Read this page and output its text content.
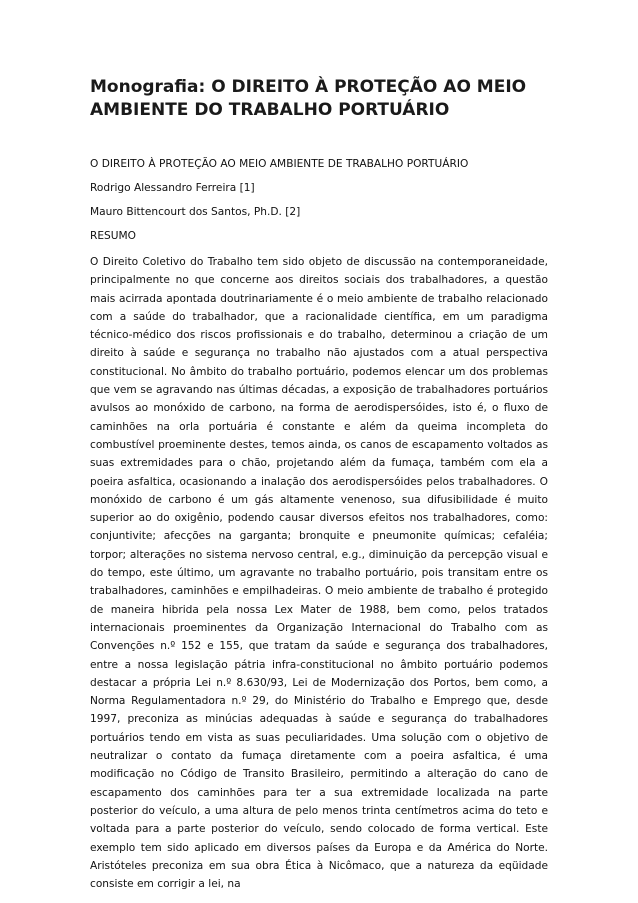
Monografia: O DIREITO À PROTEÇÃO AO MEIO AMBIENTE DO TRABALHO PORTUÁRIO

O DIREITO À PROTEÇÃO AO MEIO AMBIENTE DE TRABALHO PORTUÁRIO

Rodrigo Alessandro Ferreira [1]

Mauro Bittencourt dos Santos, Ph.D. [2]

RESUMO

O Direito Coletivo do Trabalho tem sido objeto de discussão na contemporaneidade, principalmente no que concerne aos direitos sociais dos trabalhadores, a questão mais acirrada apontada doutrinariamente é o meio ambiente de trabalho relacionado com a saúde do trabalhador, que a racionalidade científica, em um paradigma técnico-médico dos riscos profissionais e do trabalho, determinou a criação de um direito à saúde e segurança no trabalho não ajustados com a atual perspectiva constitucional. No âmbito do trabalho portuário, podemos elencar um dos problemas que vem se agravando nas últimas décadas, a exposição de trabalhadores portuários avulsos ao monóxido de carbono, na forma de aerodispersóides, isto é, o fluxo de caminhões na orla portuária é constante e além da queima incompleta do combustível proeminente destes, temos ainda, os canos de escapamento voltados as suas extremidades para o chão, projetando além da fumaça, também com ela a poeira asfaltica, ocasionando a inalação dos aerodispersóides pelos trabalhadores. O monóxido de carbono é um gás altamente venenoso, sua difusibilidade é muito superior ao do oxigênio, podendo causar diversos efeitos nos trabalhadores, como: conjuntivite; afecções na garganta; bronquite e pneumonite químicas; cefaléia; torpor; alterações no sistema nervoso central, e.g., diminuição da percepção visual e do tempo, este último, um agravante no trabalho portuário, pois transitam entre os trabalhadores, caminhões e empilhadeiras. O meio ambiente de trabalho é protegido de maneira hibrida pela nossa Lex Mater de 1988, bem como, pelos tratados internacionais proeminentes da Organização Internacional do Trabalho com as Convenções n.º 152 e 155, que tratam da saúde e segurança dos trabalhadores, entre a nossa legislação pátria infra-constitucional no âmbito portuário podemos destacar a própria Lei n.º 8.630/93, Lei de Modernização dos Portos, bem como, a Norma Regulamentadora n.º 29, do Ministério do Trabalho e Emprego que, desde 1997, preconiza as minúcias adequadas à saúde e segurança do trabalhadores portuários tendo em vista as suas peculiaridades. Uma solução com o objetivo de neutralizar o contato da fumaça diretamente com a poeira asfaltica, é uma modificação no Código de Transito Brasileiro, permitindo a alteração do cano de escapamento dos caminhões para ter a sua extremidade localizada na parte posterior do veículo, a uma altura de pelo menos trinta centímetros acima do teto e voltada para a parte posterior do veículo, sendo colocado de forma vertical. Este exemplo tem sido aplicado em diversos países da Europa e da América do Norte. Aristóteles preconiza em sua obra Ética à Nicômaco, que a natureza da eqüidade consiste em corrigir a lei, na
